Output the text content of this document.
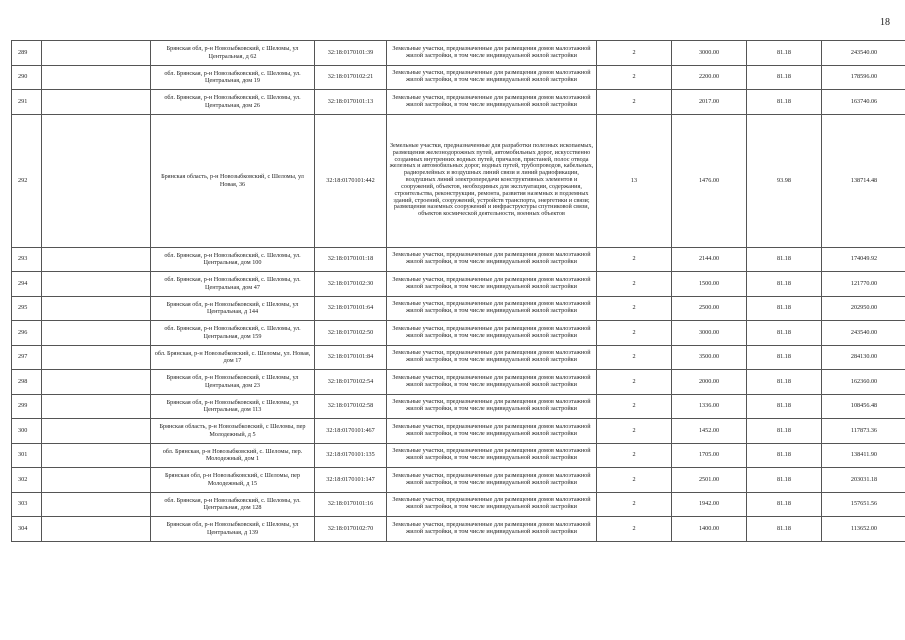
18
289		Брянская обл, р-н Новозыбковский, с Шеломы, ул Центральная, д 62	32:18:0170101:39	Земельные участки, предназначенные для размещения домов малоэтажной жилой застройки, в том числе индивидуальной жилой застройки	2	3000.00	81.18	243540.00
290		обл. Брянская, р-н Новозыбковский, с. Шеломы, ул. Центральная, дом 19	32:18:0170102:21	Земельные участки, предназначенные для размещения домов малоэтажной жилой застройки, в том числе индивидуальной жилой застройки	2	2200.00	81.18	178596.00
291		обл. Брянская, р-н Новозыбковский, с. Шеломы, ул. Центральная, дом 26	32:18:0170101:13	Земельные участки, предназначенные для размещения домов малоэтажной жилой застройки, в том числе индивидуальной жилой застройки	2	2017.00	81.18	163740.06
292		Брянская область, р-н Новозыбковский, с Шеломы, ул Новая, 36	32:18:0170101:442	Земельные участки, предназначенные для разработки полезных ископаемых, размещения железнодорожных путей, автомобильных дорог, искусственно созданных внутренних водных путей, причалов, пристаней, полос отвода железных и автомобильных дорог, водных путей, трубопроводов, кабельных, радиорелейных и воздушных линий связи и линий радиофикации, воздушных линий электропередачи конструктивных элементов и сооружений, объектов, необходимых для эксплуатации, содержания, строительства, реконструкции, ремонта, развития наземных и подземных зданий, строений, сооружений, устройств транспорта, энергетики и связи; размещения наземных сооружений и инфраструктуры спутниковой связи, объектов космической деятельности, военных объектов	13	1476.00	93.98	138714.48
293		обл. Брянская, р-н Новозыбковский, с. Шеломы, ул. Центральная, дом 100	32:18:0170101:18	Земельные участки, предназначенные для размещения домов малоэтажной жилой застройки, в том числе индивидуальной жилой застройки	2	2144.00	81.18	174049.92
294		обл. Брянская, р-н Новозыбковский, с. Шеломы, ул. Центральная, дом 47	32:18:0170102:30	Земельные участки, предназначенные для размещения домов малоэтажной жилой застройки, в том числе индивидуальной жилой застройки	2	1500.00	81.18	121770.00
295		Брянская обл, р-н Новозыбковский, с Шеломы, ул Центральная, д 144	32:18:0170101:64	Земельные участки, предназначенные для размещения домов малоэтажной жилой застройки, в том числе индивидуальной жилой застройки	2	2500.00	81.18	202950.00
296		обл. Брянская, р-н Новозыбковский, с. Шеломы, ул. Центральная, дом 159	32:18:0170102:50	Земельные участки, предназначенные для размещения домов малоэтажной жилой застройки, в том числе индивидуальной жилой застройки	2	3000.00	81.18	243540.00
297		обл. Брянская, р-н Новозыбковский, с. Шеломы, ул. Новая, дом 17	32:18:0170101:84	Земельные участки, предназначенные для размещения домов малоэтажной жилой застройки, в том числе индивидуальной жилой застройки	2	3500.00	81.18	284130.00
298		Брянская обл, р-н Новозыбковский, с Шеломы, ул Центральная, дом 23	32:18:0170102:54	Земельные участки, предназначенные для размещения домов малоэтажной жилой застройки, в том числе индивидуальной жилой застройки	2	2000.00	81.18	162360.00
299		Брянская обл, р-н Новозыбковский, с Шеломы, ул Центральная, дом 113	32:18:0170102:58	Земельные участки, предназначенные для размещения домов малоэтажной жилой застройки, в том числе индивидуальной жилой застройки	2	1336.00	81.18	108456.48
300		Брянская область, р-н Новозыбковский, с Шеломы, пер Молодежный, д 5	32:18:0170101:467	Земельные участки, предназначенные для размещения домов малоэтажной жилой застройки, в том числе индивидуальной жилой застройки	2	1452.00	81.18	117873.36
301		обл. Брянская, р-н Новозыбковский, с. Шеломы, пер. Молодежный, дом 1	32:18:0170101:135	Земельные участки, предназначенные для размещения домов малоэтажной жилой застройки, в том числе индивидуальной жилой застройки	2	1705.00	81.18	138411.90
302		Брянская обл, р-н Новозыбковский, с Шеломы, пер Молодежный, д 15	32:18:0170101:147	Земельные участки, предназначенные для размещения домов малоэтажной жилой застройки, в том числе индивидуальной жилой застройки	2	2501.00	81.18	203031.18
303		обл. Брянская, р-н Новозыбковский, с. Шеломы, ул. Центральная, дом 128	32:18:0170101:16	Земельные участки, предназначенные для размещения домов малоэтажной жилой застройки, в том числе индивидуальной жилой застройки	2	1942.00	81.18	157651.56
304		Брянская обл, р-н Новозыбковский, с Шеломы, ул Центральная, д 139	32:18:0170102:70	Земельные участки, предназначенные для размещения домов малоэтажной жилой застройки, в том числе индивидуальной жилой застройки	2	1400.00	81.18	113652.00
